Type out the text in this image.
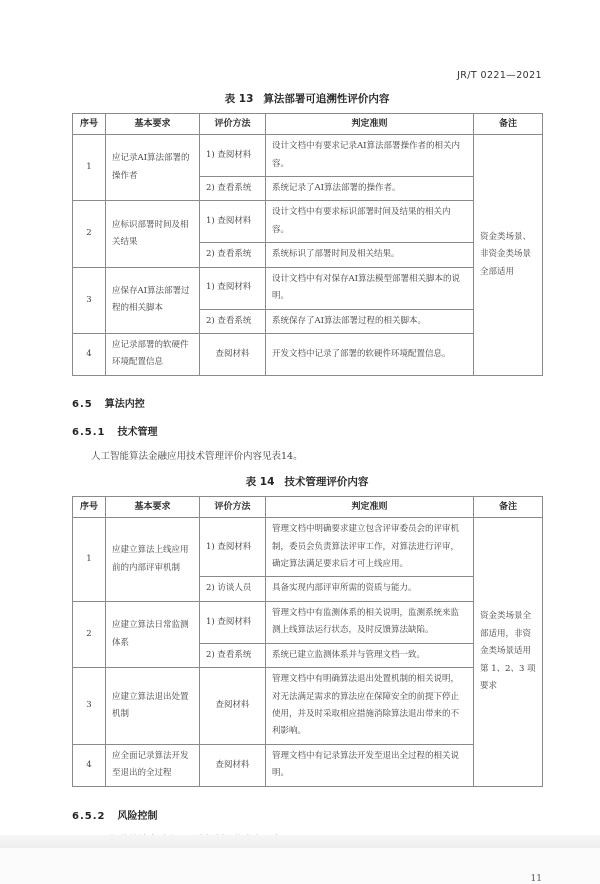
JR/T 0221—2021
表 13 算法部署可追溯性评价内容
序号	基本要求	评价方法	判定准则	备注
1	应记录AI算法部署的操作者	1) 查阅材料	设计文档中有要求记录AI算法部署操作者的相关内容。	资金类场景、非资金类场景全部适用
		2) 查看系统	系统记录了AI算法部署的操作者。	
2	应标识部署时间及相关结果	1) 查阅材料	设计文档中有要求标识部署时间及结果的相关内容。	
		2) 查看系统	系统标识了部署时间及相关结果。	
3	应保存AI算法部署过程的相关脚本	1) 查阅材料	设计文档中有对保存AI算法模型部署相关脚本的说明。	
		2) 查看系统	系统保存了AI算法部署过程的相关脚本。	
4	应记录部署的软硬件环境配置信息	查阅材料	开发文档中记录了部署的软硬件环境配置信息。	

6.5 算法内控

6.5.1 技术管理

人工智能算法金融应用技术管理评价内容见表14。

表 14 技术管理评价内容
序号	基本要求	评价方法	判定准则	备注
1	应建立算法上线应用前的内部评审机制	1) 查阅材料	管理文档中明确要求建立包含评审委员会的评审机制，委员会负责算法评审工作，对算法进行评审，确定算法满足要求后才可上线应用。	资金类场景全部适用，非资金类场景适用第 1、2、3 项要求
		2) 访谈人员	具备实现内部评审所需的资质与能力。	
2	应建立算法日常监测体系	1) 查阅材料	管理文档中有监测体系的相关说明，监测系统来监测上线算法运行状态，及时反馈算法缺陷。	
		2) 查看系统	系统已建立监测体系并与管理文档一致。	
3	应建立算法退出处置机制	查阅材料	管理文档中有明确算法退出处置机制的相关说明，对无法满足需求的算法应在保障安全的前提下停止使用，并及时采取相应措施消除算法退出带来的不利影响。	
4	应全面记录算法开发至退出的全过程	查阅材料	管理文档中有记录算法开发至退出全过程的相关说明。	

6.5.2 风险控制

11
